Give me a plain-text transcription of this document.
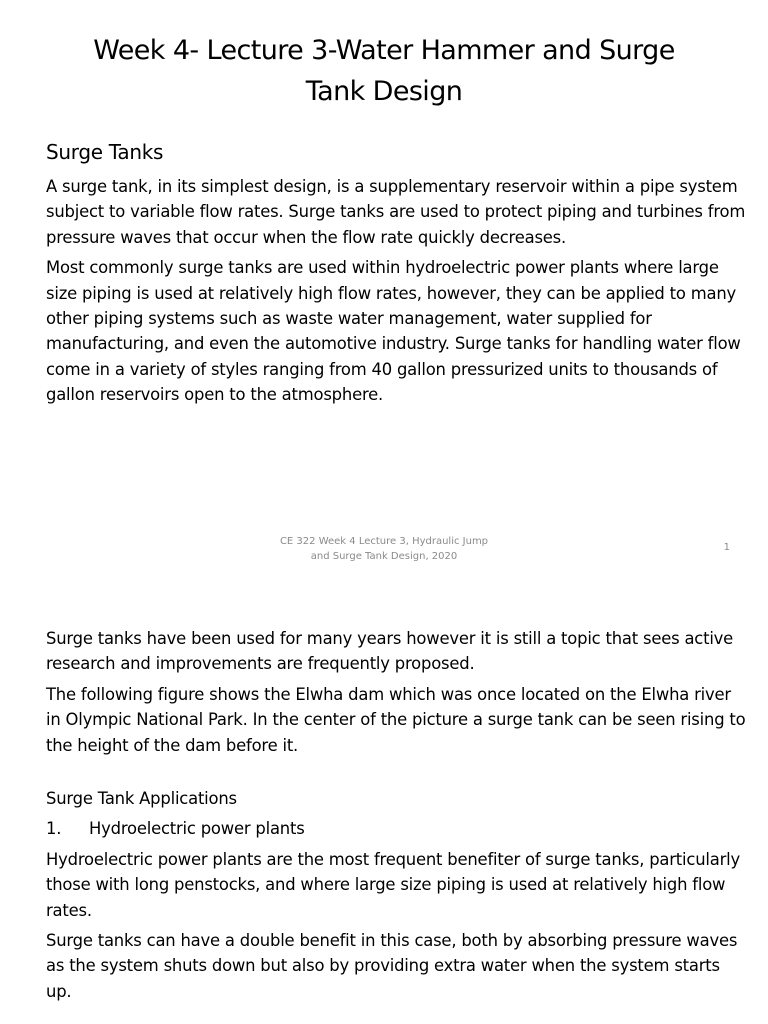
Week 4- Lecture 3-Water Hammer and Surge
Tank Design
Surge Tanks

A surge tank, in its simplest design, is a supplementary reservoir within a pipe system subject to variable flow rates. Surge tanks are used to protect piping and turbines from pressure waves that occur when the flow rate quickly decreases.

Most commonly surge tanks are used within hydroelectric power plants where large size piping is used at relatively high flow rates, however, they can be applied to many other piping systems such as waste water management, water supplied for manufacturing, and even the automotive industry. Surge tanks for handling water flow come in a variety of styles ranging from 40 gallon pressurized units to thousands of gallon reservoirs open to the atmosphere.

CE 322 Week 4 Lecture 3, Hydraulic Jump
and Surge Tank Design, 2020
1

Surge tanks have been used for many years however it is still a topic that sees active research and improvements are frequently proposed.

The following figure shows the Elwha dam which was once located on the Elwha river in Olympic National Park. In the center of the picture a surge tank can be seen rising to the height of the dam before it.

Surge Tank Applications

1. Hydroelectric power plants

Hydroelectric power plants are the most frequent benefiter of surge tanks, particularly those with long penstocks, and where large size piping is used at relatively high flow rates.

Surge tanks can have a double benefit in this case, both by absorbing pressure waves as the system shuts down but also by providing extra water when the system starts up.
